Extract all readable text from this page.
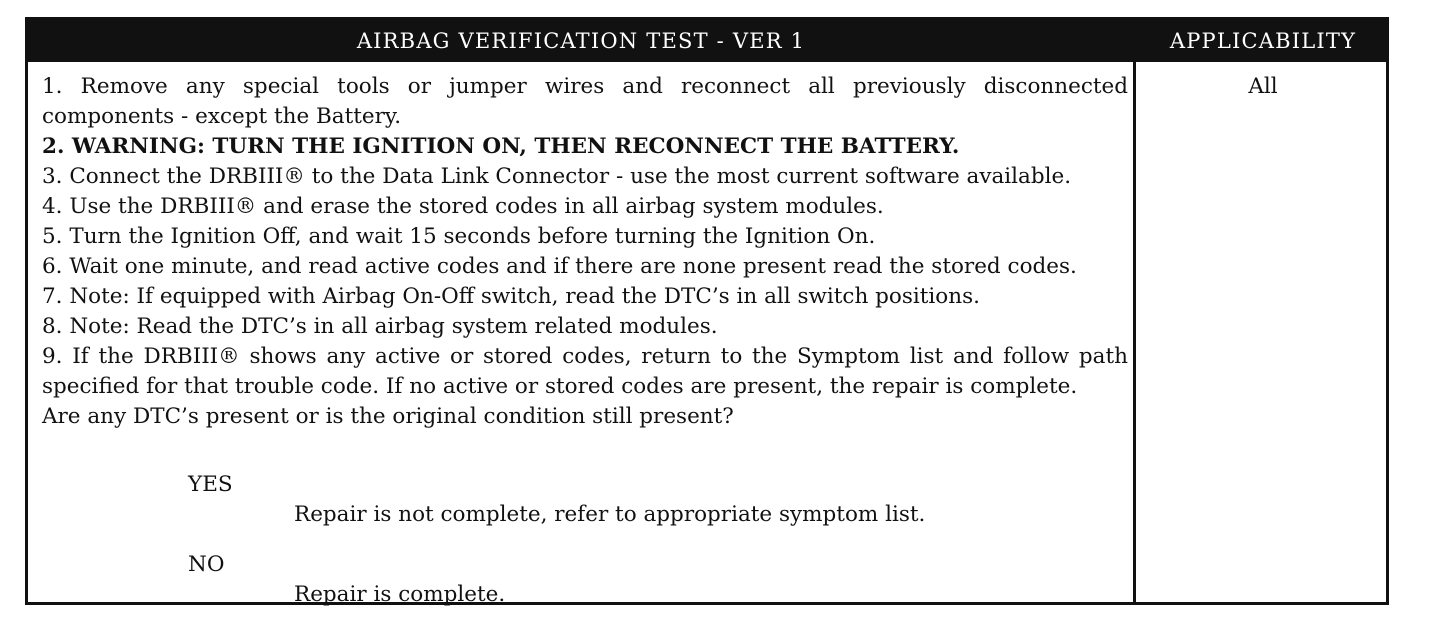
AIRBAG VERIFICATION TEST - VER 1	APPLICABILITY
1. Remove any special tools or jumper wires and reconnect all previously disconnected
components - except the Battery.
2. WARNING: TURN THE IGNITION ON, THEN RECONNECT THE BATTERY.
3. Connect the DRBIII® to the Data Link Connector - use the most current software available.
4. Use the DRBIII® and erase the stored codes in all airbag system modules.
5. Turn the Ignition Off, and wait 15 seconds before turning the Ignition On.
6. Wait one minute, and read active codes and if there are none present read the stored codes.
7. Note: If equipped with Airbag On-Off switch, read the DTC’s in all switch positions.
8. Note: Read the DTC’s in all airbag system related modules.
9. If the DRBIII® shows any active or stored codes, return to the Symptom list and follow path
specified for that trouble code. If no active or stored codes are present, the repair is complete.
Are any DTC’s present or is the original condition still present?
YES
Repair is not complete, refer to appropriate symptom list.
NO
Repair is complete.
All
